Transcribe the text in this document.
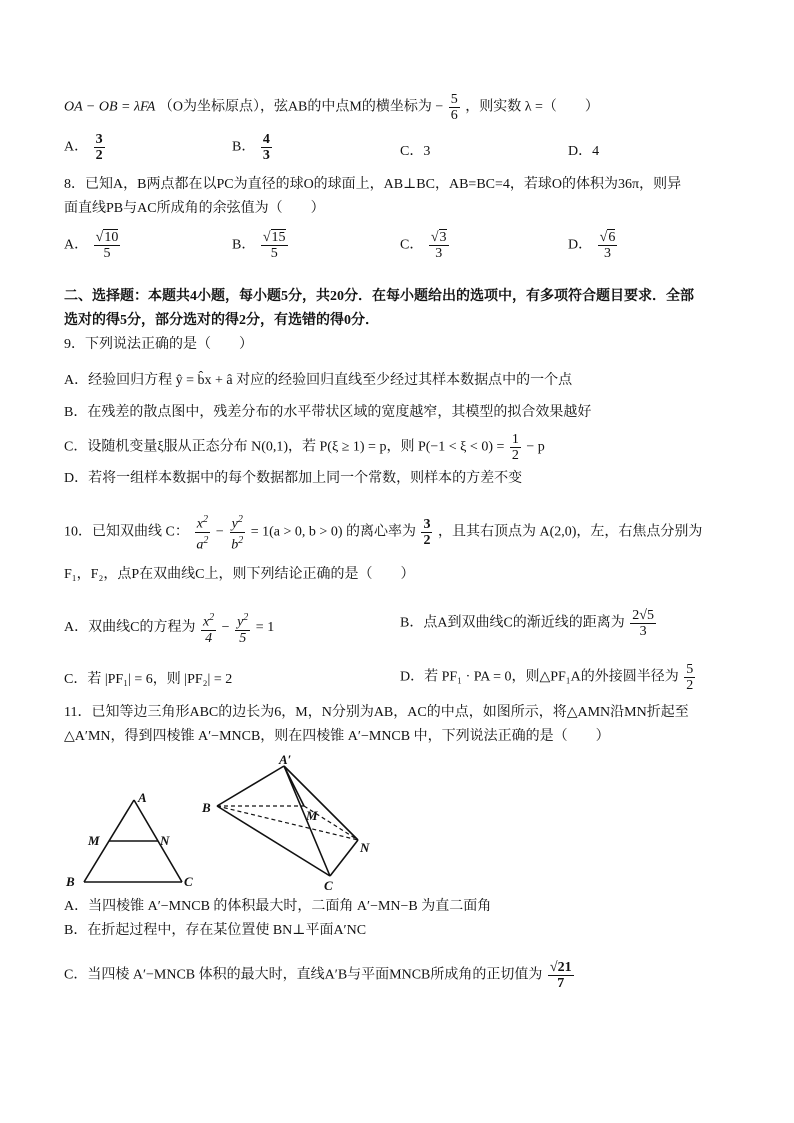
OA − OB = λFA （O为坐标原点），弦AB的中点M的横坐标为 − $\frac{5}{6}$ ，则实数 λ =（　　）
A． $\frac{3}{2}$	B． $\frac{4}{3}$	C．3	D．4
8．已知A，B两点都在以PC为直径的球O的球面上，AB⊥BC，AB=BC=4，若球O的体积为36π，则异
面直线PB与AC所成角的余弦值为（　　）
A． $\frac{√10}{5}$	B． $\frac{√15}{5}$	C． $\frac{√3}{3}$	D． $\frac{√6}{3}$
二、选择题：本题共4小题，每小题5分，共20分．在每小题给出的选项中，有多项符合题目要求．全部
选对的得5分，部分选对的得2分，有选错的得0分．
9．下列说法正确的是（　　）
A．经验回归方程 ŷ = b̂x + â 对应的经验回归直线至少经过其样本数据点中的一个点
B．在残差的散点图中，残差分布的水平带状区域的宽度越窄，其模型的拟合效果越好
C．设随机变量ξ服从正态分布 N(0,1)，若 P(ξ ≥ 1) = p，则 $P(-1 < \xi < 0) = \frac{1}{2} - p$
D．若将一组样本数据中的每个数据都加上同一个常数，则样本的方差不变
10．已知双曲线 C： $\frac{x^2}{a^2} - \frac{y^2}{b^2} = 1(a > 0$, b > 0) 的离心率为 $\frac{3}{2}$ ，且其右顶点为 A(2,0)，左，右焦点分别为
F₁，F₂，点P在双曲线C上，则下列结论正确的是（　　）
A．双曲线C的方程为 $\frac{x^2}{4} - \frac{y^2}{5} = 1$	B．点A到双曲线C的渐近线的距离为 $\frac{2√5}{3}$
C．若 |PF₁| = 6，则 |PF₂| = 2	D．若 PF₁ · PA = 0，则△PF₁A的外接圆半径为 $\frac{5}{2}$
11．已知等边三角形ABC的边长为6，M，N分别为AB，AC的中点，如图所示，将△AMN沿MN折起至
△A′MN，得到四棱锥 A′−MNCB，则在四棱锥 A′−MNCB 中，下列说法正确的是（　　）
A
M	N
B	C
A′
B
M
N
C
A．当四棱锥 A′−MNCB 的体积最大时，二面角 A′−MN−B 为直二面角
B．在折起过程中，存在某位置使 BN⊥平面A′NC
C．当四棱 A′−MNCB 体积的最大时，直线A′B与平面MNCB所成角的正切值为 $\frac{√21}{7}$
